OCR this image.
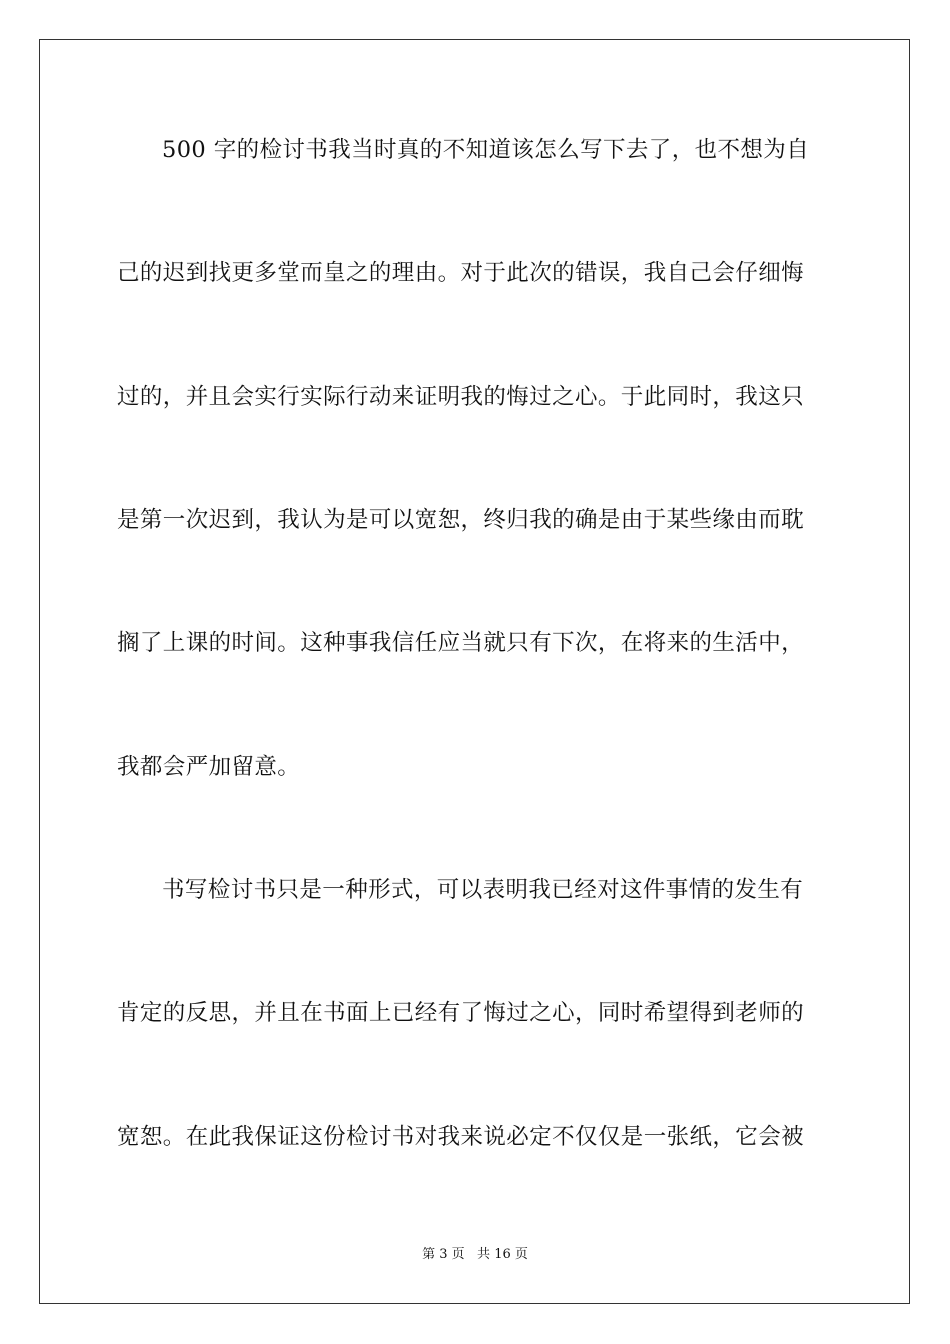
500 字的检讨书我当时真的不知道该怎么写下去了，也不想为自
己的迟到找更多堂而皇之的理由。对于此次的错误，我自己会仔细悔
过的，并且会实行实际行动来证明我的悔过之心。于此同时，我这只
是第一次迟到，我认为是可以宽恕，终归我的确是由于某些缘由而耽
搁了上课的时间。这种事我信任应当就只有下次，在将来的生活中，
我都会严加留意。
书写检讨书只是一种形式，可以表明我已经对这件事情的发生有
肯定的反思，并且在书面上已经有了悔过之心，同时希望得到老师的
宽恕。在此我保证这份检讨书对我来说必定不仅仅是一张纸，它会被
第 3 页   共 16 页
